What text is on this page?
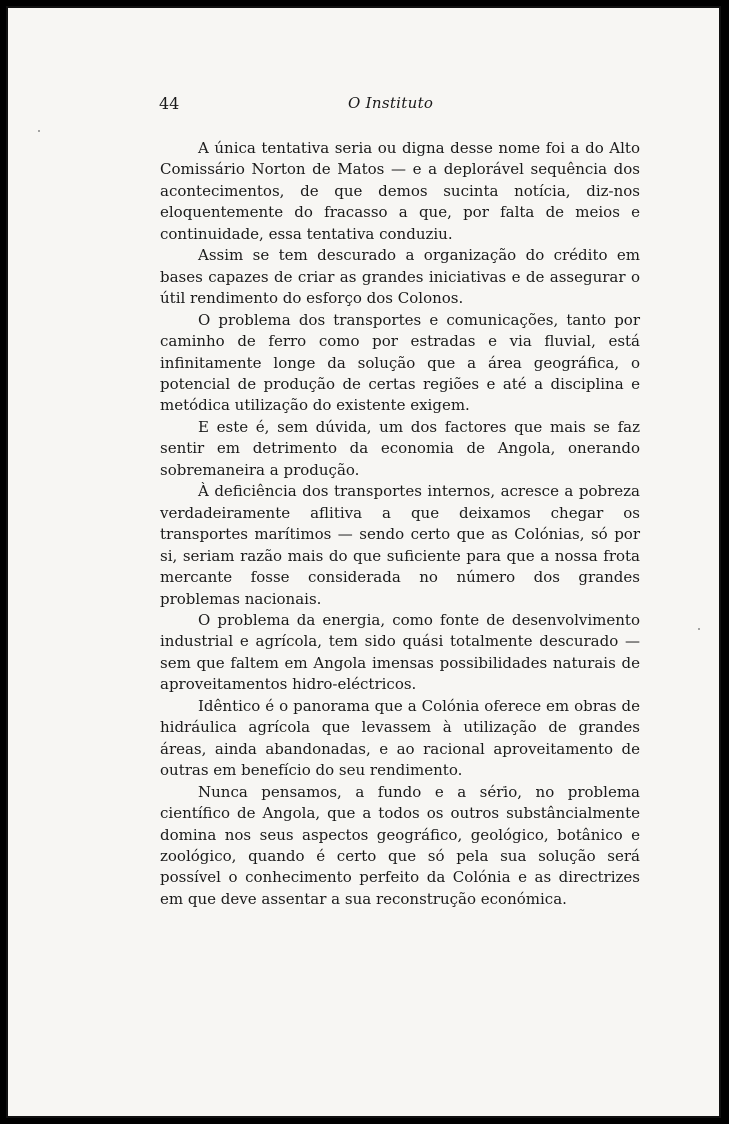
44	O Instituto

A única tentativa seria ou digna desse nome foi a do Alto Comissário Norton de Matos — e a deplorável sequência dos acontecimentos, de que demos sucinta notícia, diz-nos eloquentemente do fracasso a que, por falta de meios e continuidade, essa tentativa conduziu.

Assim se tem descurado a organização do crédito em bases capazes de criar as grandes iniciativas e de assegurar o útil rendimento do esforço dos Colonos.

O problema dos transportes e comunicações, tanto por caminho de ferro como por estradas e via fluvial, está infinitamente longe da solução que a área geográfica, o potencial de produção de certas regiões e até a disciplina e metódica utilização do existente exigem.

E este é, sem dúvida, um dos factores que mais se faz sentir em detrimento da economia de Angola, onerando sobremaneira a produção.

À deficiência dos transportes internos, acresce a pobreza verdadeiramente aflitiva a que deixamos chegar os transportes marítimos — sendo certo que as Colónias, só por si, seriam razão mais do que suficiente para que a nossa frota mercante fosse considerada no número dos grandes problemas nacionais.

O problema da energia, como fonte de desenvolvimento industrial e agrícola, tem sido quási totalmente descurado — sem que faltem em Angola imensas possibilidades naturais de aproveitamentos hidro-eléctricos.

Idêntico é o panorama que a Colónia oferece em obras de hidráulica agrícola que levassem à utilização de grandes áreas, ainda abandonadas, e ao racional aproveitamento de outras em benefício do seu rendimento.

Nunca pensamos, a fundo e a sério, no problema científico de Angola, que a todos os outros substâncialmente domina nos seus aspectos geográfico, geológico, botânico e zoológico, quando é certo que só pela sua solução será possível o conhecimento perfeito da Colónia e as directrizes em que deve assentar a sua reconstrução económica.
